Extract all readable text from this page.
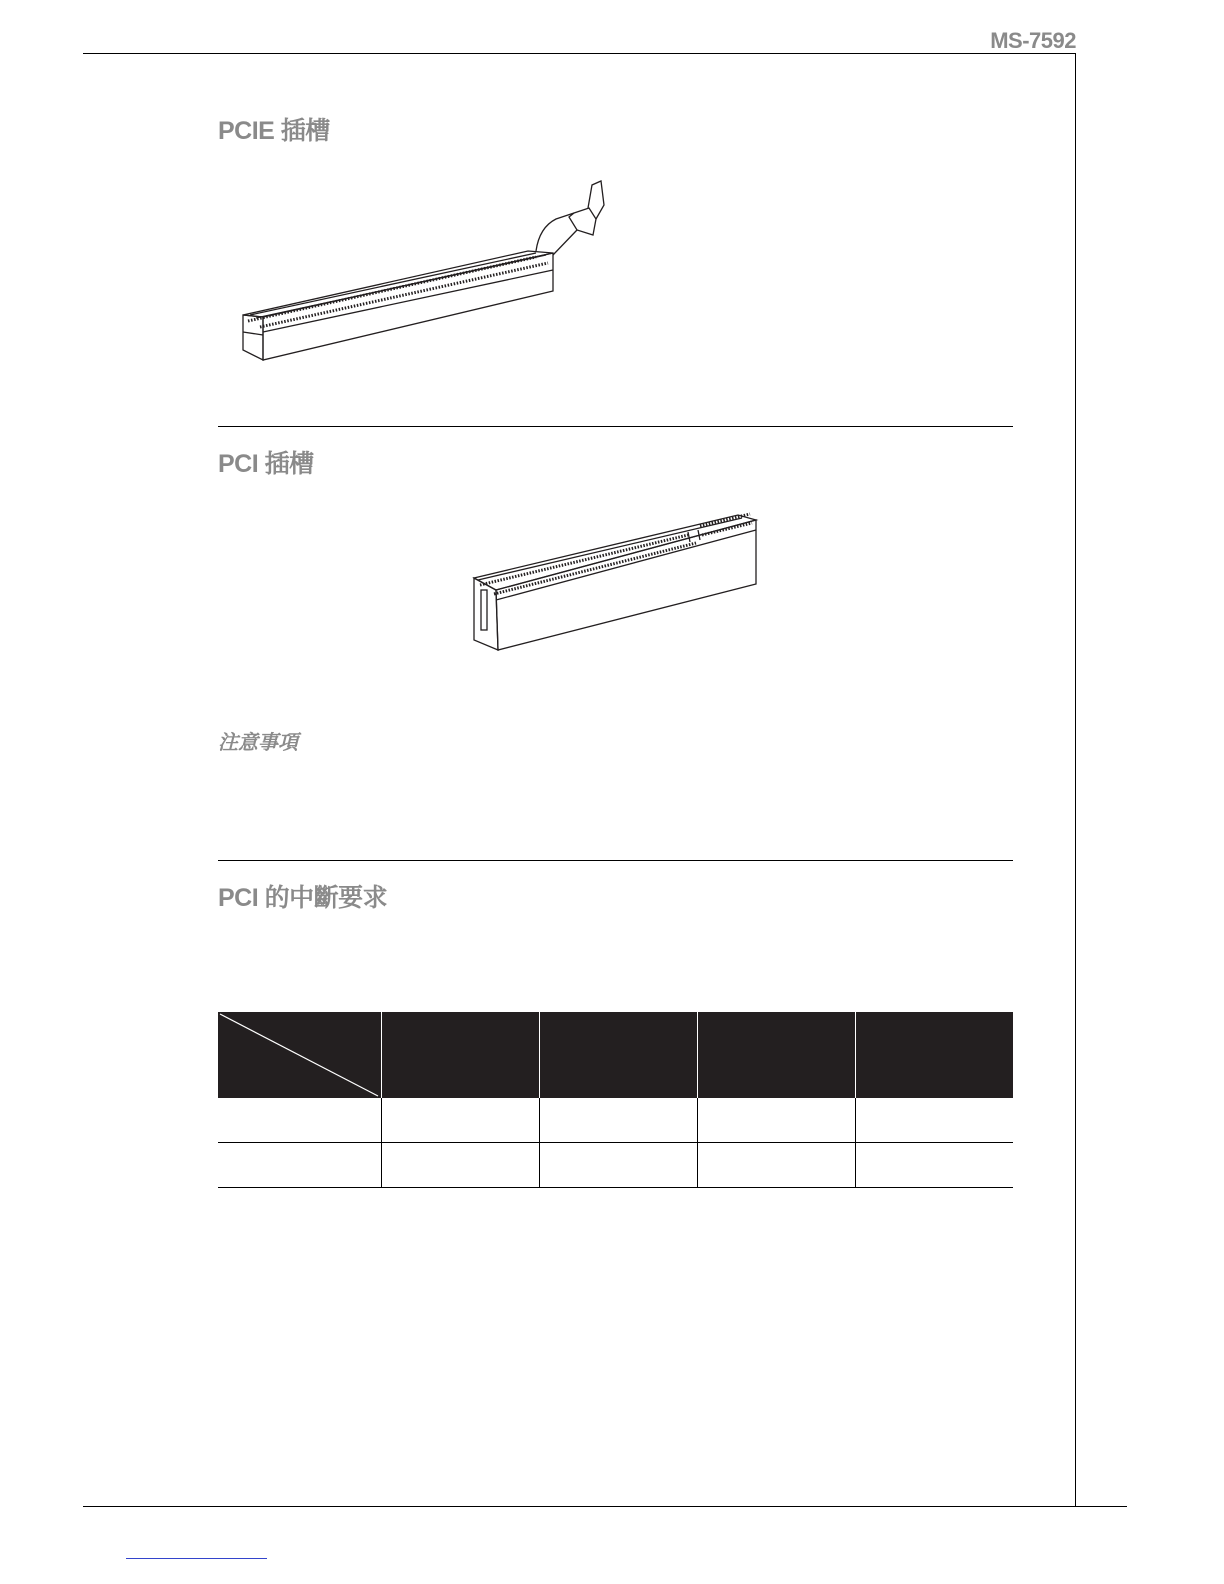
MS-7592
PCIE 插槽
PCI 插槽
注意事項
PCI 的中斷要求
